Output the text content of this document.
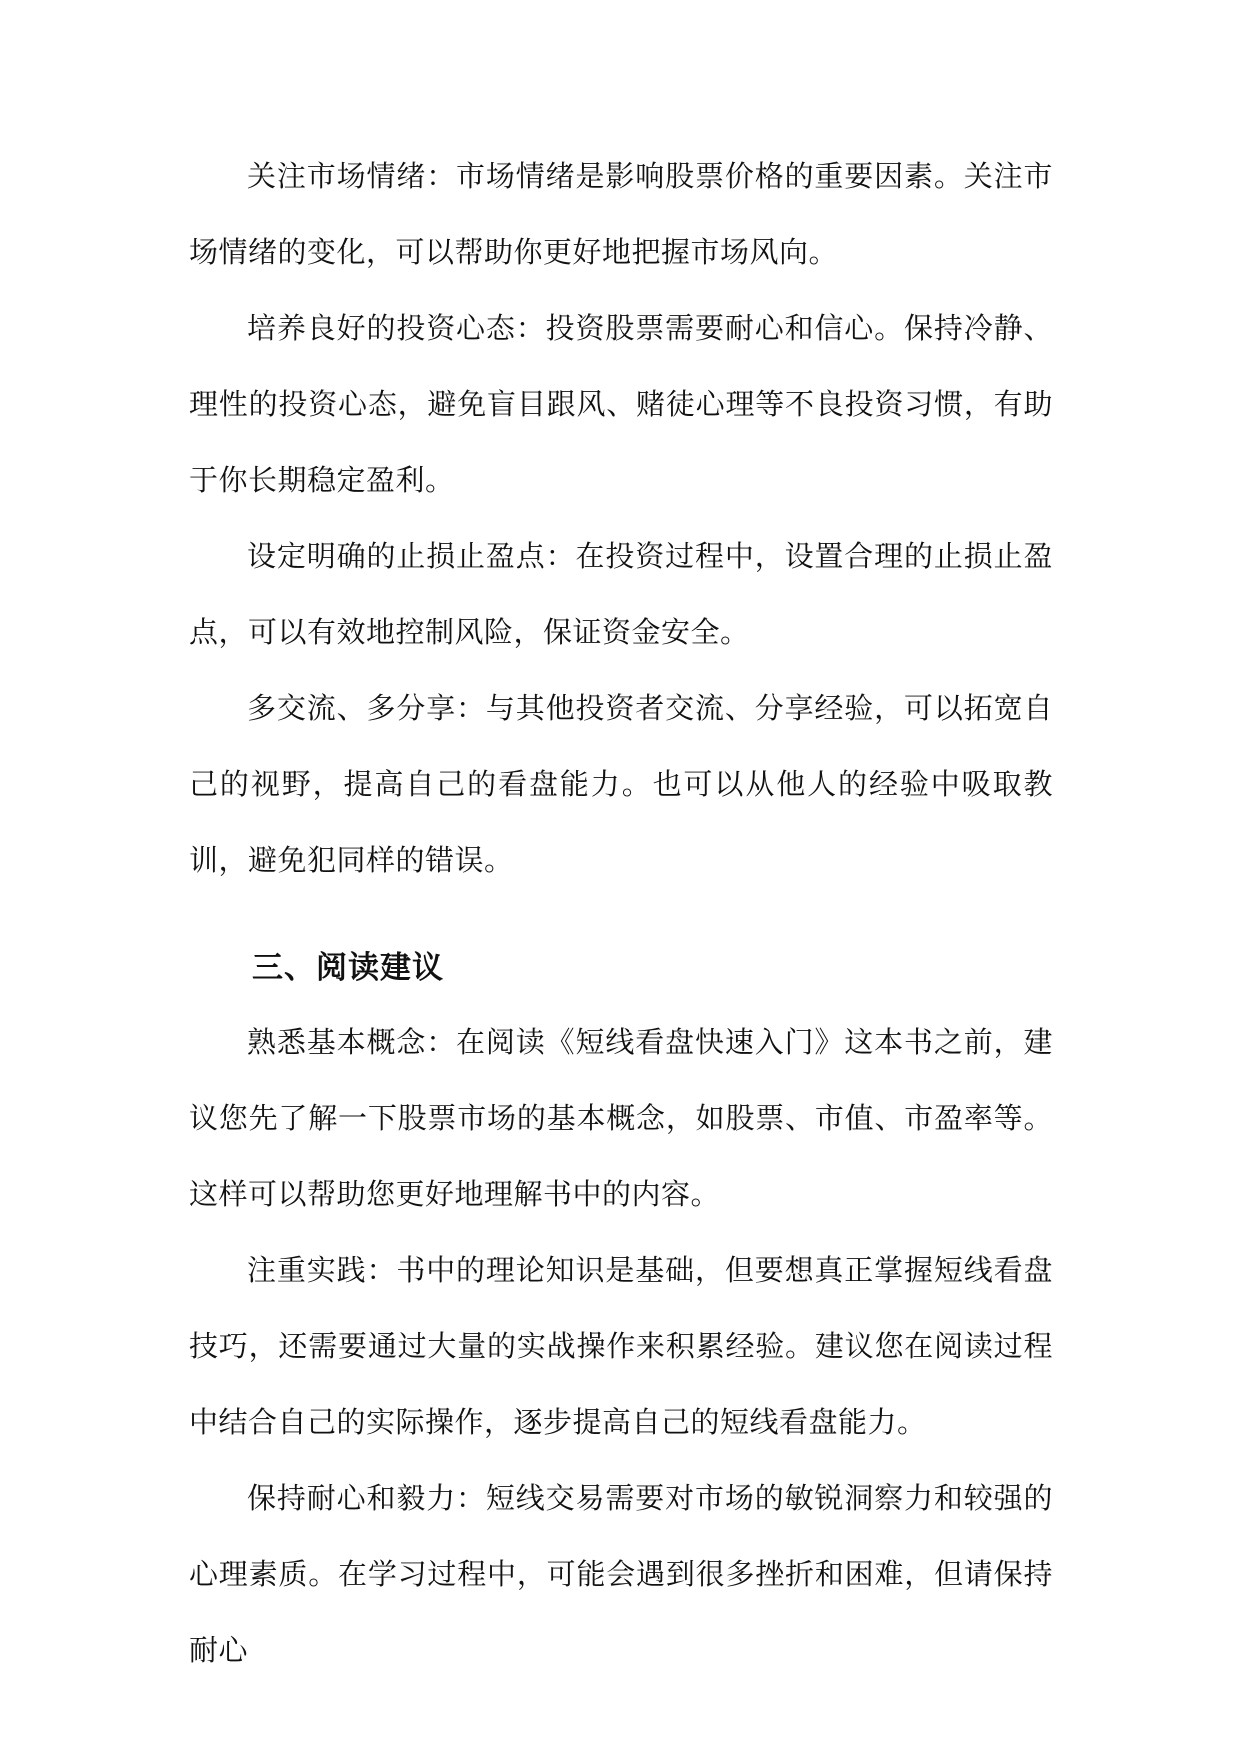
关注市场情绪：市场情绪是影响股票价格的重要因素。关注市场情绪的变化，可以帮助你更好地把握市场风向。

培养良好的投资心态：投资股票需要耐心和信心。保持冷静、理性的投资心态，避免盲目跟风、赌徒心理等不良投资习惯，有助于你长期稳定盈利。

设定明确的止损止盈点：在投资过程中，设置合理的止损止盈点，可以有效地控制风险，保证资金安全。

多交流、多分享：与其他投资者交流、分享经验，可以拓宽自己的视野，提高自己的看盘能力。也可以从他人的经验中吸取教训，避免犯同样的错误。

三、阅读建议

熟悉基本概念：在阅读《短线看盘快速入门》这本书之前，建议您先了解一下股票市场的基本概念，如股票、市值、市盈率等。这样可以帮助您更好地理解书中的内容。

注重实践：书中的理论知识是基础，但要想真正掌握短线看盘技巧，还需要通过大量的实战操作来积累经验。建议您在阅读过程中结合自己的实际操作，逐步提高自己的短线看盘能力。

保持耐心和毅力：短线交易需要对市场的敏锐洞察力和较强的心理素质。在学习过程中，可能会遇到很多挫折和困难，但请保持耐心
